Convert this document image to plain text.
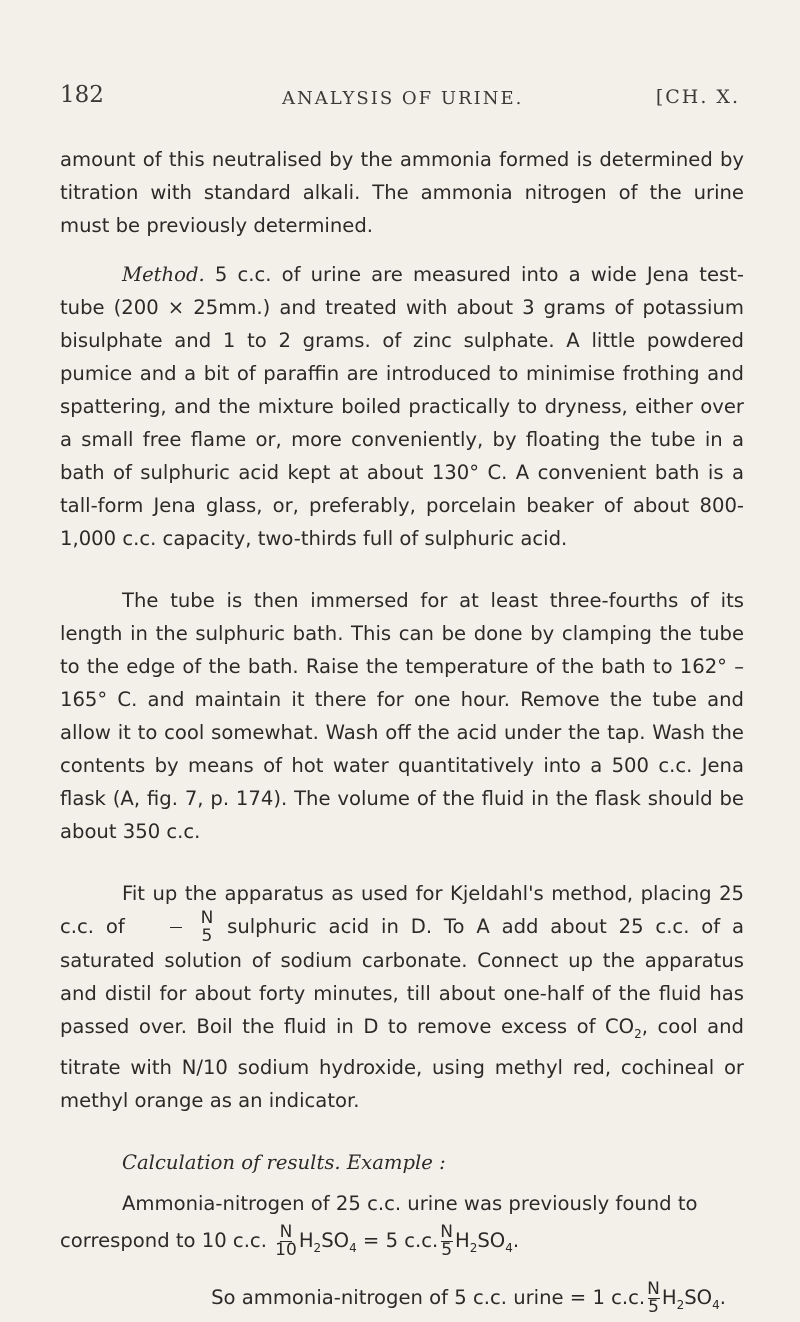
182	ANALYSIS OF URINE.	[CH. X.

amount of this neutralised by the ammonia formed is determined by titration with standard alkali. The ammonia nitrogen of the urine must be previously determined.

Method. 5 c.c. of urine are measured into a wide Jena test-tube (200 × 25mm.) and treated with about 3 grams of potassium bisulphate and 1 to 2 grams. of zinc sulphate. A little powdered pumice and a bit of paraffin are introduced to minimise frothing and spattering, and the mixture boiled practically to dryness, either over a small free flame or, more conveniently, by floating the tube in a bath of sulphuric acid kept at about 130° C. A convenient bath is a tall-form Jena glass, or, preferably, porcelain beaker of about 800-1,000 c.c. capacity, two-thirds full of sulphuric acid.

The tube is then immersed for at least three-fourths of its length in the sulphuric bath. This can be done by clamping the tube to the edge of the bath. Raise the temperature of the bath to 162° – 165° C. and maintain it there for one hour. Remove the tube and allow it to cool somewhat. Wash off the acid under the tap. Wash the contents by means of hot water quantitatively into a 500 c.c. Jena flask (A, fig. 7, p. 174). The volume of the fluid in the flask should be about 350 c.c.

Fit up the apparatus as used for Kjeldahl's method, placing 25 c.c. of $\frac{N}{5}$ sulphuric acid in D. To A add about 25 c.c. of a saturated solution of sodium carbonate. Connect up the apparatus and distil for about forty minutes, till about one-half of the fluid has passed over. Boil the fluid in D to remove excess of $CO_2$, cool and titrate with N/10 sodium hydroxide, using methyl red, cochineal or methyl orange as an indicator.

Calculation of results. Example :

Ammonia-nitrogen of 25 c.c. urine was previously found to

correspond to 10 c.c. $\frac{N}{10} H_2SO_4 = 5$ c.c. $\frac{N}{5} H_2SO_4$.

So ammonia-nitrogen of 5 c.c. urine = 1 c.c. $\frac{N}{5} H_2SO_4$.
